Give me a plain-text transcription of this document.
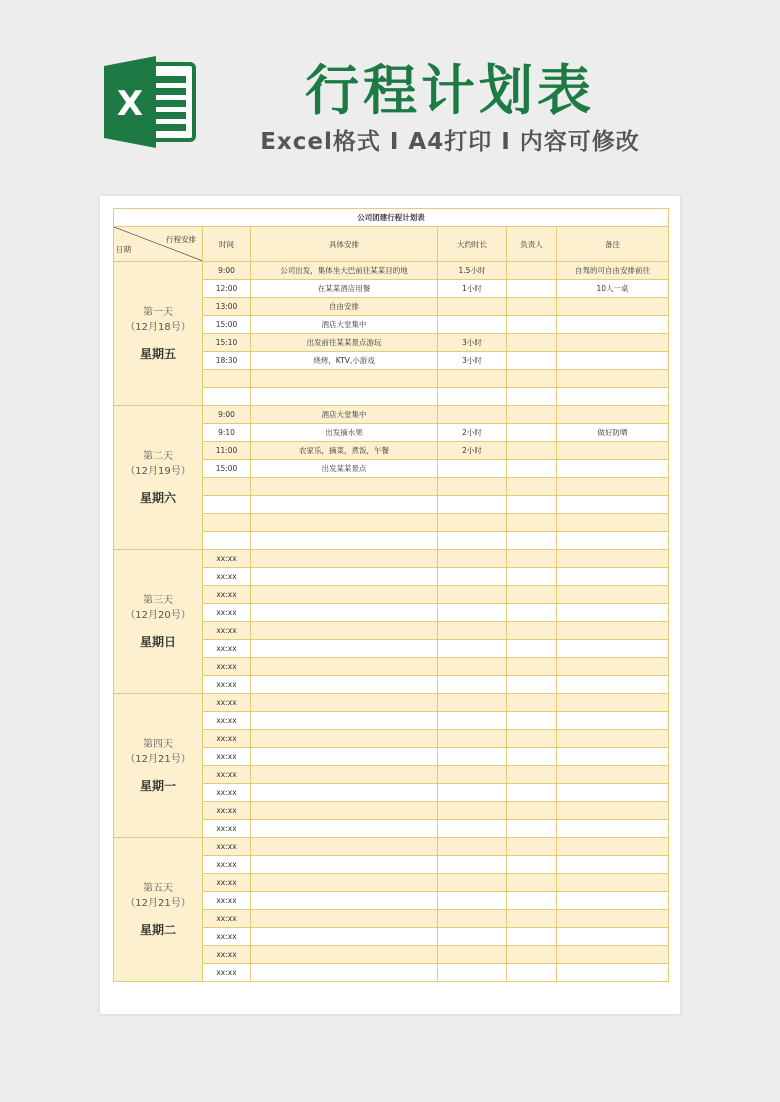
X	行程计划表
Excel格式 I A4打印 I 内容可修改
公司团建行程计划表					

行程安排
日期	时间	具体安排	大约时长	负责人	备注

第一天
（12月18号）
星期五	9:00	公司出发，集体坐大巴前往某某目的地	1.5小时		自驾的可自由安排前往
	12:00	在某某酒店用餐	1小时		10人一桌
	13:00	自由安排			
	15:00	酒店大堂集中			
	15:10	出发前往某某景点游玩	3小时		
	18:30	烧烤，KTV,小游戏	3小时		

第二天
（12月19号）
星期六	9:00	酒店大堂集中			
	9:10	出发摘水果	2小时		做好防晒
	11:00	农家乐，摘菜，煮饭，午餐	2小时		
	15:00	出发某某景点			

第三天
（12月20号）
星期日	xx:xx				
	xx:xx				
	xx:xx				
	xx:xx				
	xx:xx				
	xx:xx				
	xx:xx				
	xx:xx				

第四天
（12月21号）
星期一	xx:xx				
	xx:xx				
	xx:xx				
	xx:xx				
	xx:xx				
	xx:xx				
	xx:xx				
	xx:xx				

第五天
（12月21号）
星期二	xx:xx				
	xx:xx				
	xx:xx				
	xx:xx				
	xx:xx				
	xx:xx				
	xx:xx				
	xx:xx				
